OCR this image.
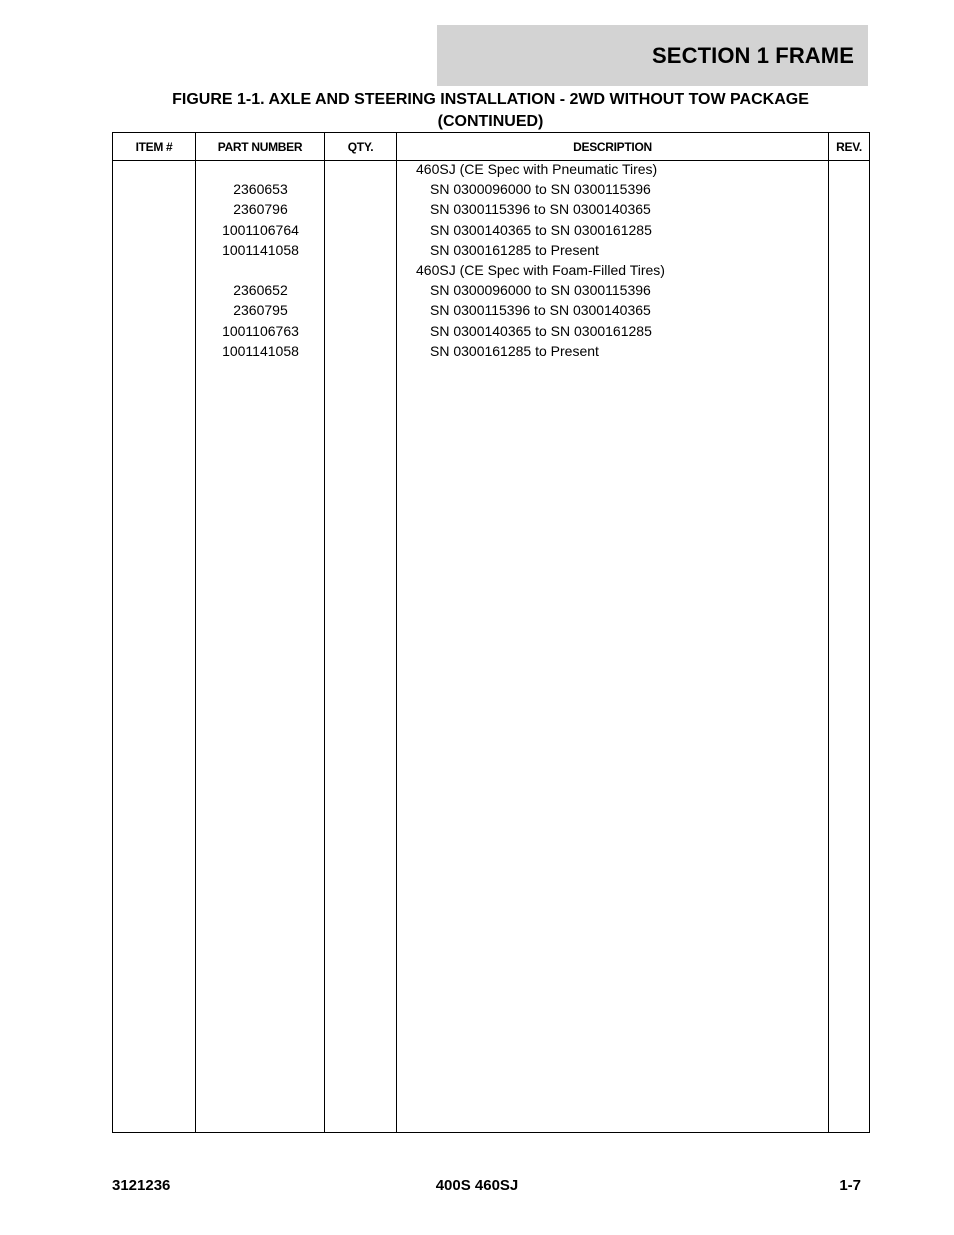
SECTION 1 FRAME
FIGURE 1-1. AXLE AND STEERING INSTALLATION - 2WD WITHOUT TOW PACKAGE
(CONTINUED)
ITEM #	PART NUMBER	QTY.	DESCRIPTION	REV.
460SJ (CE Spec with Pneumatic Tires)
2360653	SN 0300096000 to SN 0300115396
2360796	SN 0300115396 to SN 0300140365
1001106764	SN 0300140365 to SN 0300161285
1001141058	SN 0300161285 to Present
460SJ (CE Spec with Foam-Filled Tires)
2360652	SN 0300096000 to SN 0300115396
2360795	SN 0300115396 to SN 0300140365
1001106763	SN 0300140365 to SN 0300161285
1001141058	SN 0300161285 to Present
3121236	400S 460SJ	1-7
